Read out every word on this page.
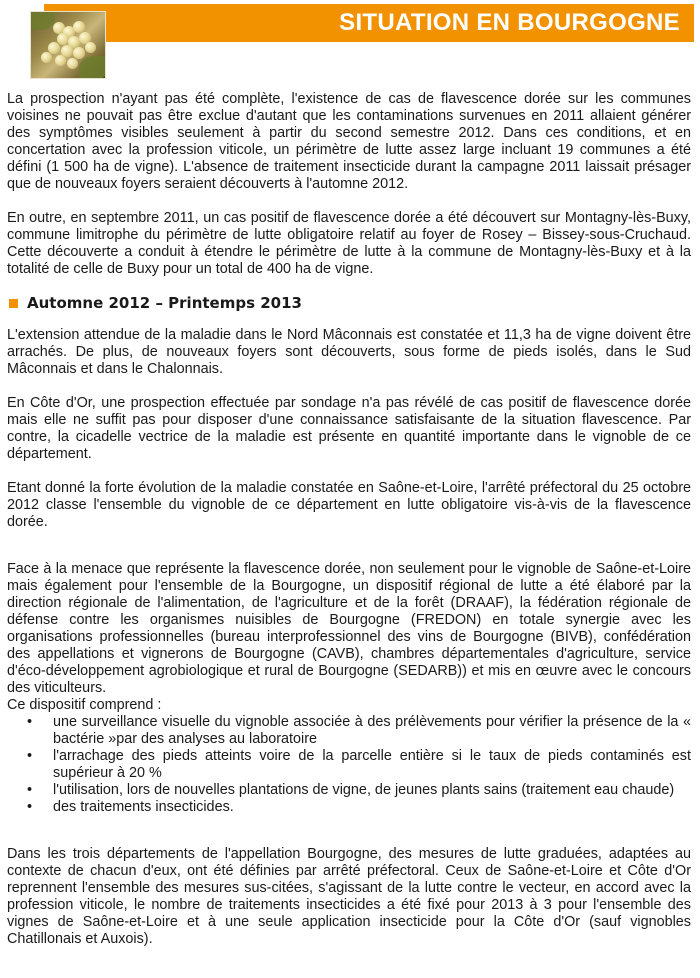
SITUATION EN BOURGOGNE

La prospection n'ayant pas été complète, l'existence de cas de flavescence dorée sur les communes voisines ne pouvait pas être exclue d'autant que les contaminations survenues en 2011 allaient générer des symptômes visibles seulement à partir du second semestre 2012. Dans ces conditions, et en concertation avec la profession viticole, un périmètre de lutte assez large incluant 19 communes a été défini (1 500 ha de vigne). L'absence de traitement insecticide durant la campagne 2011 laissait présager que de nouveaux foyers seraient découverts à l'automne 2012.

En outre, en septembre 2011, un cas positif de flavescence dorée a été découvert sur Montagny-lès-Buxy, commune limitrophe du périmètre de lutte obligatoire relatif au foyer de Rosey – Bissey-sous-Cruchaud. Cette découverte a conduit à étendre le périmètre de lutte à la commune de Montagny-lès-Buxy et à la totalité de celle de Buxy pour un total de 400 ha de vigne.

Automne 2012 – Printemps 2013

L'extension attendue de la maladie dans le Nord Mâconnais est constatée et 11,3 ha de vigne doivent être arrachés. De plus, de nouveaux foyers sont découverts, sous forme de pieds isolés, dans le Sud Mâconnais et dans le Chalonnais.

En Côte d'Or, une prospection effectuée par sondage n'a pas révélé de cas positif de flavescence dorée mais elle ne suffit pas pour disposer d'une connaissance satisfaisante de la situation flavescence. Par contre, la cicadelle vectrice de la maladie est présente en quantité importante dans le vignoble de ce département.

Etant donné la forte évolution de la maladie constatée en Saône-et-Loire, l'arrêté préfectoral du 25 octobre 2012 classe l'ensemble du vignoble de ce département en lutte obligatoire vis-à-vis de la flavescence dorée.

Face à la menace que représente la flavescence dorée, non seulement pour le vignoble de Saône-et-Loire mais également pour l'ensemble de la Bourgogne, un dispositif régional de lutte a été élaboré par la direction régionale de l'alimentation, de l'agriculture et de la forêt (DRAAF), la fédération régionale de défense contre les organismes nuisibles de Bourgogne (FREDON) en totale synergie avec les organisations professionnelles (bureau interprofessionnel des vins de Bourgogne (BIVB), confédération des appellations et vignerons de Bourgogne (CAVB), chambres départementales d'agriculture, service d'éco-développement agrobiologique et rural de Bourgogne (SEDARB)) et mis en œuvre avec le concours des viticulteurs.

Ce dispositif comprend :

• une surveillance visuelle du vignoble associée à des prélèvements pour vérifier la présence de la « bactérie »par des analyses au laboratoire
• l'arrachage des pieds atteints voire de la parcelle entière si le taux de pieds contaminés est supérieur à 20 %
• l'utilisation, lors de nouvelles plantations de vigne, de jeunes plants sains (traitement eau chaude)
• des traitements insecticides.

Dans les trois départements de l'appellation Bourgogne, des mesures de lutte graduées, adaptées au contexte de chacun d'eux, ont été définies par arrêté préfectoral. Ceux de Saône-et-Loire et Côte d'Or reprennent l'ensemble des mesures sus-citées, s'agissant de la lutte contre le vecteur, en accord avec la profession viticole, le nombre de traitements insecticides a été fixé pour 2013 à 3 pour l'ensemble des vignes de Saône-et-Loire et à une seule application insecticide pour la Côte d'Or (sauf vignobles Chatillonais et Auxois).
